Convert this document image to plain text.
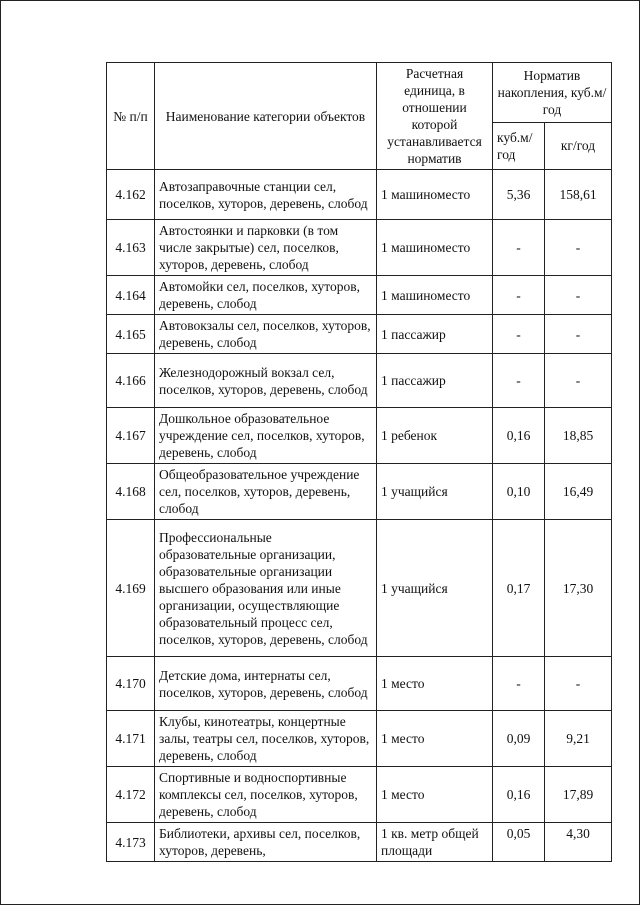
№ п/п	Наименование категории объектов	Расчетная единица, в отношении которой устанавливается норматив	Норматив накопления, куб.м/ год	
			куб.м/ год	кг/год
4.162	Автозаправочные станции сел, поселков, хуторов, деревень, слобод	1 машиноместо	5,36	158,61
4.163	Автостоянки и парковки (в том числе закрытые) сел, поселков, хуторов, деревень, слобод	1 машиноместо	-	-
4.164	Автомойки сел, поселков, хуторов, деревень, слобод	1 машиноместо	-	-
4.165	Автовокзалы сел, поселков, хуторов, деревень, слобод	1 пассажир	-	-
4.166	Железнодорожный вокзал сел, поселков, хуторов, деревень, слобод	1 пассажир	-	-
4.167	Дошкольное образовательное учреждение сел, поселков, хуторов, деревень, слобод	1 ребенок	0,16	18,85
4.168	Общеобразовательное учреждение сел, поселков, хуторов, деревень, слобод	1 учащийся	0,10	16,49
4.169	Профессиональные образовательные организации, образовательные организации высшего образования или иные организации, осуществляющие образовательный процесс сел, поселков, хуторов, деревень, слобод	1 учащийся	0,17	17,30
4.170	Детские дома, интернаты сел, поселков, хуторов, деревень, слобод	1 место	-	-
4.171	Клубы, кинотеатры, концертные залы, театры сел, поселков, хуторов, деревень, слобод	1 место	0,09	9,21
4.172	Спортивные и водноспортивные комплексы сел, поселков, хуторов, деревень, слобод	1 место	0,16	17,89
4.173	Библиотеки, архивы сел, поселков, хуторов, деревень,	1 кв. метр общей площади	0,05	4,30
